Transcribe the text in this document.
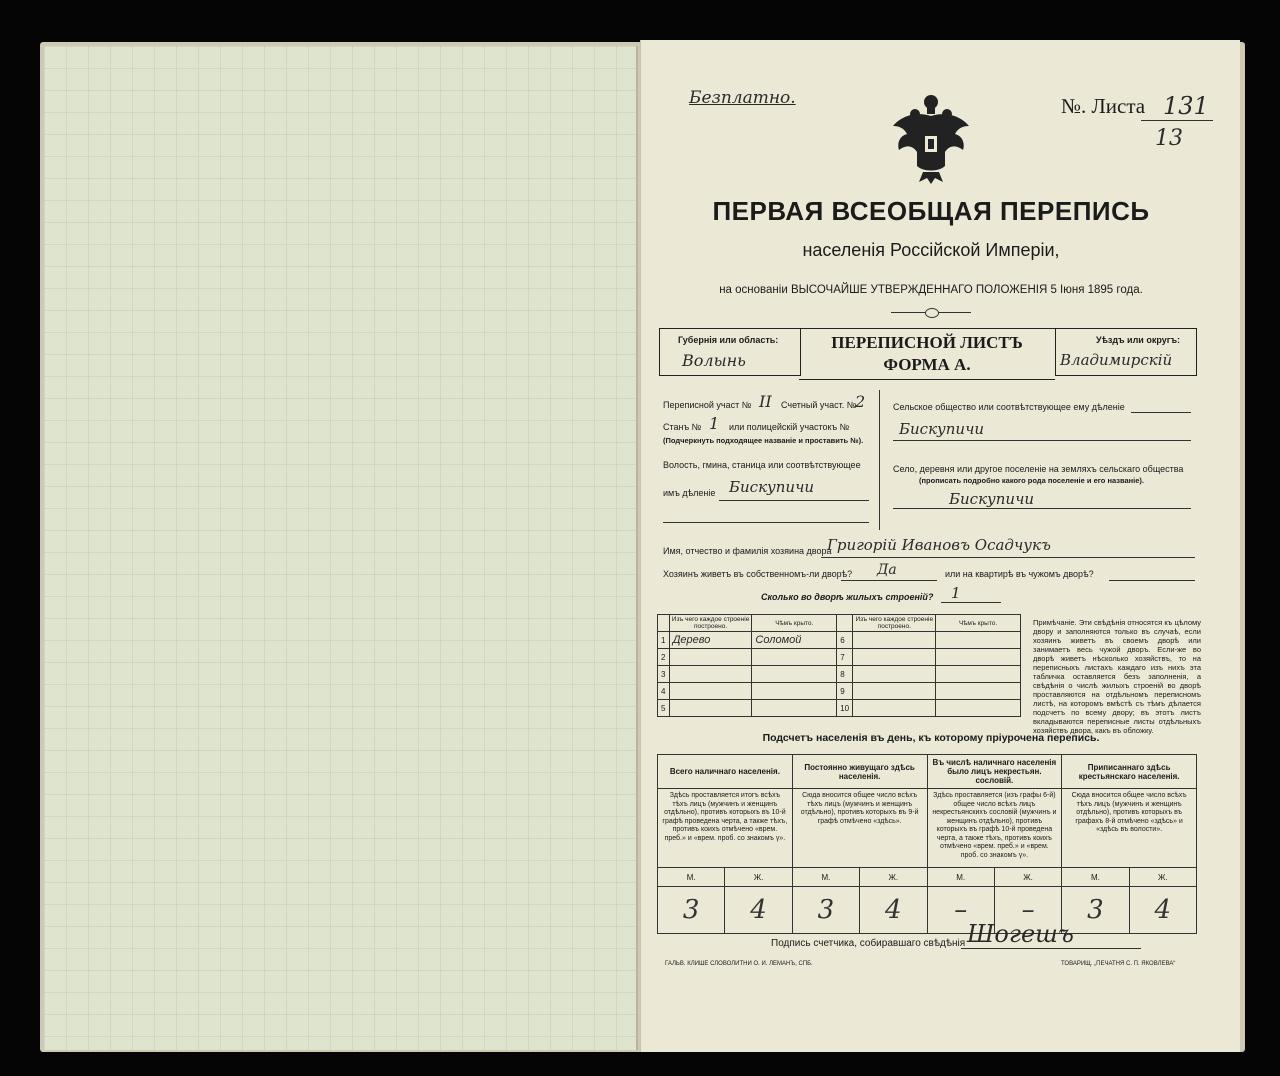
Безплатно.	№. Листа 131
13
ПЕРВАЯ ВСЕОБЩАЯ ПЕРЕПИСЬ
населенія Россійской Имперіи,
на основаніи ВЫСОЧАЙШЕ УТВЕРЖДЕННАГО ПОЛОЖЕНІЯ 5 Іюня 1895 года.
Губернія или область:
Волынь
ПЕРЕПИСНОЙ ЛИСТЪ
ФОРМА А.
Уѣздъ или округъ:
Владимирскій
Переписной участ № II Счетный участ. №
2
Станъ № 1 или полицейскій участокъ №
(Подчеркнуть подходящее названіе и проставить №).
Волость, гмина, станица или соотвѣтствующее
имъ дѣленіе Бискупичи
Сельское общество или соотвѣтствующее ему дѣленіе
Бискупичи
Село, деревня или другое поселеніе на земляхъ сельскаго общества
(прописать подробно какого рода поселеніе и его названіе).
Бискупичи
Имя, отчество и фамилія хозяина двора
Григорій Ивановъ Осадчукъ
Хозяинъ живетъ въ собственномъ-ли дворѣ? Да	или на квартирѣ въ чужомъ дворѣ?
Сколько во дворѣ жилыхъ строеній? 1
	Изъ чего каждое строеніе построено.	Чѣмъ крыто.		Изъ чего каждое строеніе построено.	Чѣмъ крыто.
1	Дерево	Соломой	6		
2			7		
3			8		
4			9		
5			10		
Примѣчаніе. Эти свѣдѣнія относятся къ цѣлому двору и заполняются только въ случаѣ, если хозяинъ живетъ въ своемъ дворѣ или занимаетъ весь чужой дворъ. Если-же во дворѣ живетъ нѣсколько хозяйствъ, то на переписныхъ листахъ каждаго изъ нихъ эта табличка оставляется безъ заполненія, а свѣдѣнія о числѣ жилыхъ строеній во дворѣ проставляются на отдѣльномъ переписномъ листѣ, на которомъ вмѣстѣ съ тѣмъ дѣлается подсчетъ по всему двору; въ этотъ листъ вкладываются переписные листы отдѣльныхъ хозяйствъ двора, какъ въ обложку.
Подсчетъ населенія въ день, къ которому пріурочена перепись.
Всего наличнаго населенія.		Постоянно живущаго здѣсь населенія.		Въ числѣ наличнаго населенія было лицъ некрестьян. сословій.		Приписаннаго здѣсь крестьянскаго населенія.	
Здѣсь проставляется итогъ всѣхъ тѣхъ лицъ (мужчинъ и женщинъ отдѣльно), противъ которыхъ въ 10-й графѣ проведена черта, а также тѣхъ, противъ коихъ отмѣчено «врем. преб.» и «врем. проб. со знакомъ γ».		Сюда вносится общее число всѣхъ тѣхъ лицъ (мужчинъ и женщинъ отдѣльно), противъ которыхъ въ 9-й графѣ отмѣчено «здѣсь».		Здѣсь проставляется (изъ графы 6-й) общее число всѣхъ лицъ некрестьянскихъ сословій (мужчинъ и женщинъ отдѣльно), противъ которыхъ въ графѣ 10-й проведена черта, а также тѣхъ, противъ коихъ отмѣчено «врем. преб.» и «врем. проб. со знакомъ γ».		Сюда вносится общее число всѣхъ тѣхъ лицъ (мужчинъ и женщинъ отдѣльно), противъ которыхъ въ графахъ 8-й отмѣчено «здѣсь» и «здѣсь въ волости».	
М.	Ж.	М.	Ж.	М.	Ж.	М.	Ж.
3	4	3	4	–	–	3	4
Подпись счетчика, собиравшаго свѣдѣнія Шогешъ
ГАЛЬВ. КЛИШЕ СЛОВОЛИТНИ О. И. ЛЕМАНЪ, СПБ.	ТОВАРИЩ. „ПЕЧАТНЯ С. П. ЯКОВЛЕВА“
